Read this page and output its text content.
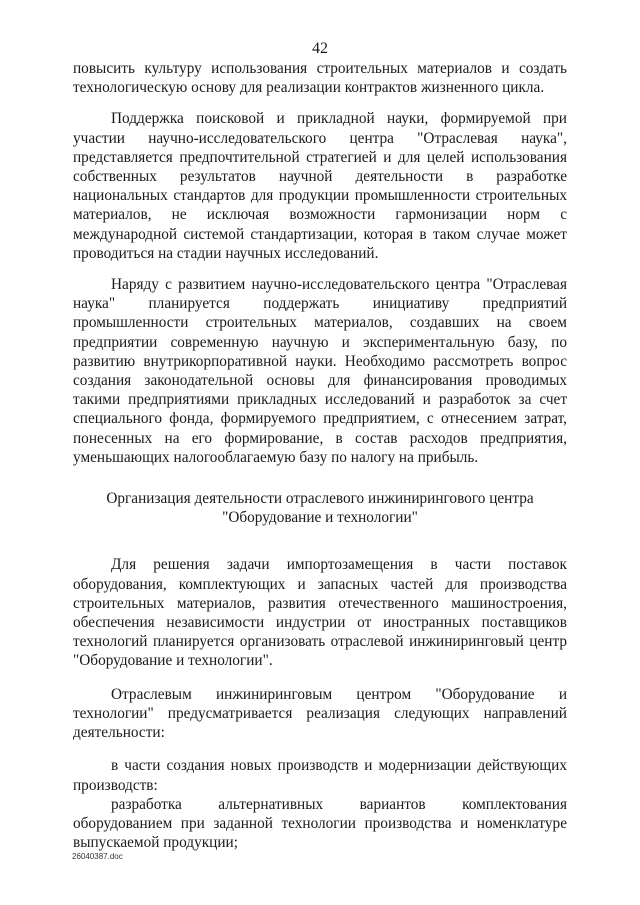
42

повысить культуру использования строительных материалов и создать технологическую основу для реализации контрактов жизненного цикла.

Поддержка поисковой и прикладной науки, формируемой при участии научно-исследовательского центра "Отраслевая наука", представляется предпочтительной стратегией и для целей использования собственных результатов научной деятельности в разработке национальных стандартов для продукции промышленности строительных материалов, не исключая возможности гармонизации норм с международной системой стандартизации, которая в таком случае может проводиться на стадии научных исследований.

Наряду с развитием научно-исследовательского центра "Отраслевая наука" планируется поддержать инициативу предприятий промышленности строительных материалов, создавших на своем предприятии современную научную и экспериментальную базу, по развитию внутрикорпоративной науки. Необходимо рассмотреть вопрос создания законодательной основы для финансирования проводимых такими предприятиями прикладных исследований и разработок за счет специального фонда, формируемого предприятием, с отнесением затрат, понесенных на его формирование, в состав расходов предприятия, уменьшающих налогооблагаемую базу по налогу на прибыль.

Организация деятельности отраслевого инжинирингового центра

"Оборудование и технологии"

Для решения задачи импортозамещения в части поставок оборудования, комплектующих и запасных частей для производства строительных материалов, развития отечественного машиностроения, обеспечения независимости индустрии от иностранных поставщиков технологий планируется организовать отраслевой инжиниринговый центр "Оборудование и технологии".

Отраслевым инжиниринговым центром "Оборудование и технологии" предусматривается реализация следующих направлений деятельности:

в части создания новых производств и модернизации действующих производств:

разработка альтернативных вариантов комплектования оборудованием при заданной технологии производства и номенклатуре выпускаемой продукции;

26040387.doc
